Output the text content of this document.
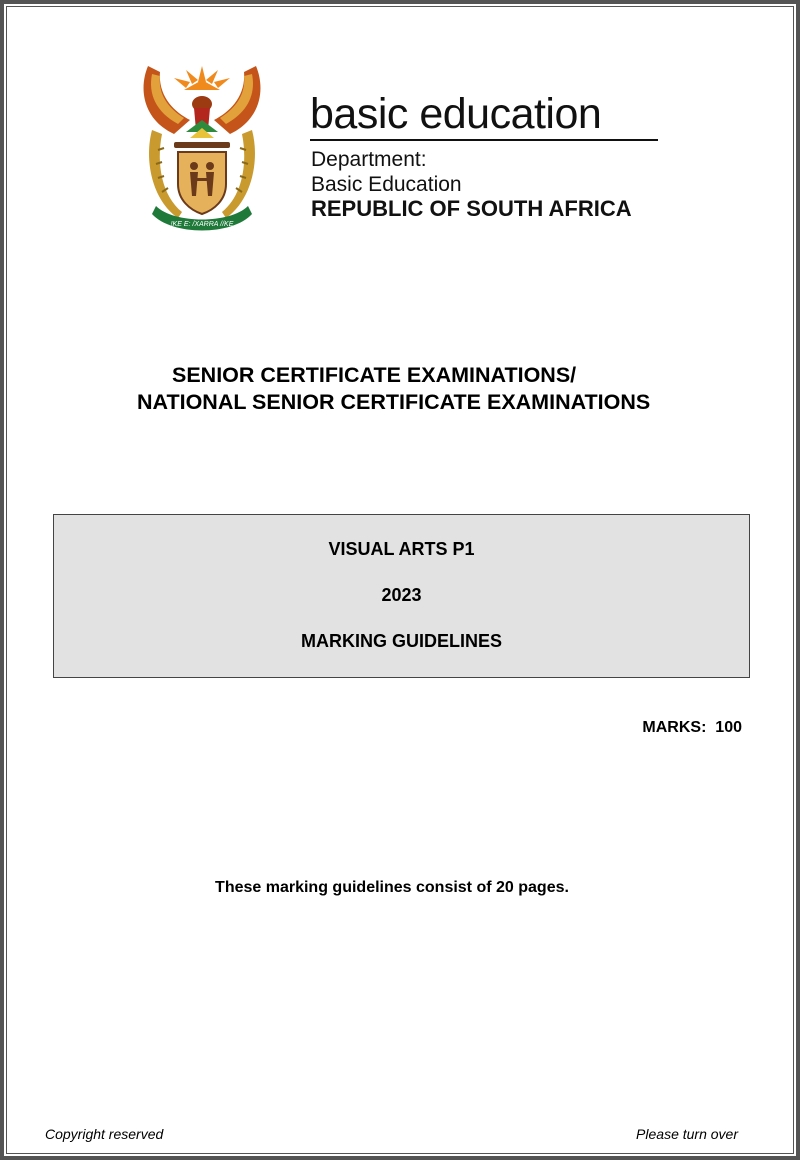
!KE E: /XARRA //KE
basic education
Department:
Basic Education
REPUBLIC OF SOUTH AFRICA
SENIOR CERTIFICATE EXAMINATIONS/
NATIONAL SENIOR CERTIFICATE EXAMINATIONS
VISUAL ARTS P1
2023
MARKING GUIDELINES
MARKS: 100
These marking guidelines consist of 20 pages.
Copyright reserved	Please turn over
